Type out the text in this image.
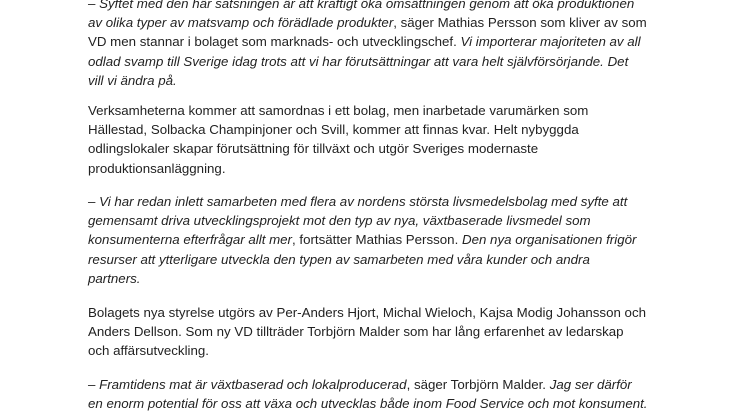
– Syftet med den här satsningen är att kraftigt öka omsättningen genom att öka produktionen
av olika typer av matsvamp och förädlade produkter, säger Mathias Persson som kliver av som
VD men stannar i bolaget som marknads- och utvecklingschef. Vi importerar majoriteten av all
odlad svamp till Sverige idag trots att vi har förutsättningar att vara helt självförsörjande. Det
vill vi ändra på.
Verksamheterna kommer att samordnas i ett bolag, men inarbetade varumärken som
Hällestad, Solbacka Champinjoner och Svill, kommer att finnas kvar. Helt nybyggda
odlingslokaler skapar förutsättning för tillväxt och utgör Sveriges modernaste
produktionsanläggning.
– Vi har redan inlett samarbeten med flera av nordens största livsmedelsbolag med syfte att
gemensamt driva utvecklingsprojekt mot den typ av nya, växtbaserade livsmedel som
konsumenterna efterfrågar allt mer, fortsätter Mathias Persson. Den nya organisationen frigör
resurser att ytterligare utveckla den typen av samarbeten med våra kunder och andra
partners.
Bolagets nya styrelse utgörs av Per-Anders Hjort, Michal Wieloch, Kajsa Modig Johansson och
Anders Dellson. Som ny VD tillträder Torbjörn Malder som har lång erfarenhet av ledarskap
och affärsutveckling.
– Framtidens mat är växtbaserad och lokalproducerad, säger Torbjörn Malder. Jag ser därför
en enorm potential för oss att växa och utvecklas både inom Food Service och mot konsument.
